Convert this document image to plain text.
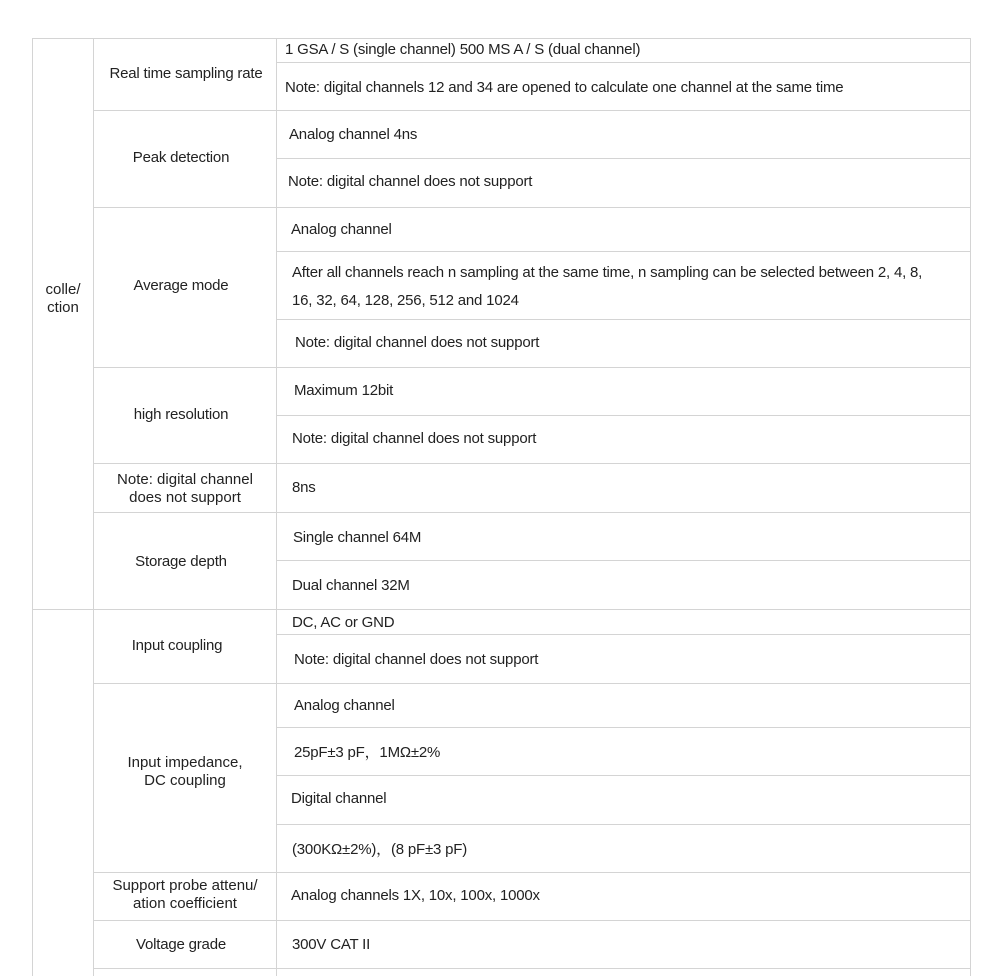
colle/
ction
Real time sampling rate
Peak detection
Average mode
high resolution
Note: digital channel
does not support
Storage depth
1 GSA / S (single channel) 500 MS A / S (dual channel)
Note: digital channels 12 and 34 are opened to calculate one channel at the same time
Analog channel 4ns
Note: digital channel does not support
Analog channel
After all channels reach n sampling at the same time, n sampling can be selected between 2, 4, 8,
16, 32, 64, 128, 256, 512 and 1024
Note: digital channel does not support
Maximum 12bit
Note: digital channel does not support
8ns
Single channel 64M
Dual channel 32M
Input coupling
Input impedance,
DC coupling
Support probe attenu/
ation coefficient
Voltage grade
DC, AC or GND
Note: digital channel does not support
Analog channel
25pF±3 pF，1MΩ±2%
Digital channel
(300KΩ±2%)，(8 pF±3 pF)
Analog channels 1X, 10x, 100x, 1000x
300V CAT II
